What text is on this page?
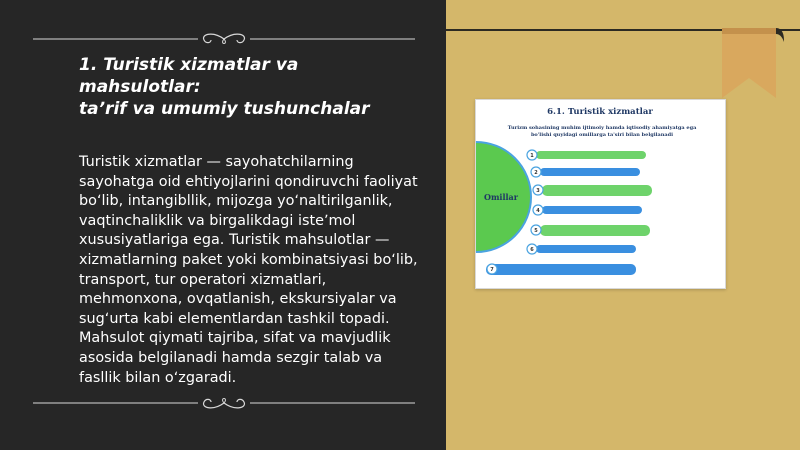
1. Turistik xizmatlar va mahsulotlar:
taʼrif va umumiy tushunchalar

Turistik xizmatlar — sayohatchilarning sayohatga oid ehtiyojlarini qondiruvchi faoliyat boʻlib, intangibllik, mijozga yoʻnaltirilganlik, vaqtinchaliklik va birgalikdagi isteʼmol xususiyatlariga ega. Turistik mahsulotlar — xizmatlarning paket yoki kombinatsiyasi boʻlib, transport, tur operatori xizmatlari, mehmonxona, ovqatlanish, ekskursiyalar va sugʻurta kabi elementlardan tashkil topadi. Mahsulot qiymati tajriba, sifat va mavjudlik asosida belgilanadi hamda sezgir talab va fasllik bilan oʻzgaradi.

6.1. Turistik xizmatlar
Turizm sohasining muhim ijtimoiy hamda iqtisodiy ahamiyatga ega
bo'lishi quyidagi omillarga ta'siri bilan belgilanadi
Omillar
1
2
3
4
5
6
7
